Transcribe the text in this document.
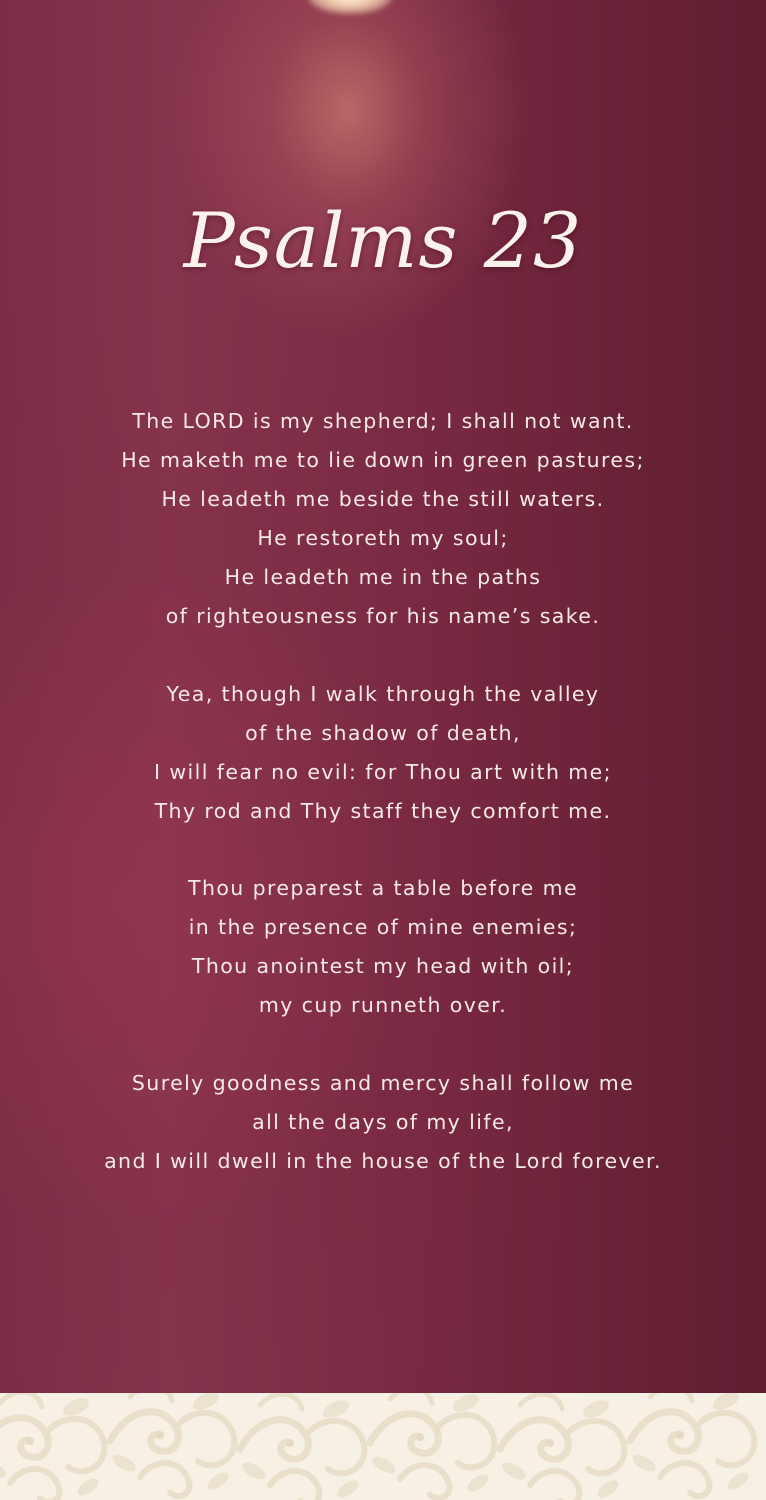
Psalms 23
The LORD is my shepherd; I shall not want.
He maketh me to lie down in green pastures;
He leadeth me beside the still waters.
He restoreth my soul;
He leadeth me in the paths
of righteousness for his name’s sake.
Yea, though I walk through the valley
of the shadow of death,
I will fear no evil: for Thou art with me;
Thy rod and Thy staff they comfort me.
Thou preparest a table before me
in the presence of mine enemies;
Thou anointest my head with oil;
my cup runneth over.
Surely goodness and mercy shall follow me
all the days of my life,
and I will dwell in the house of the Lord forever.
